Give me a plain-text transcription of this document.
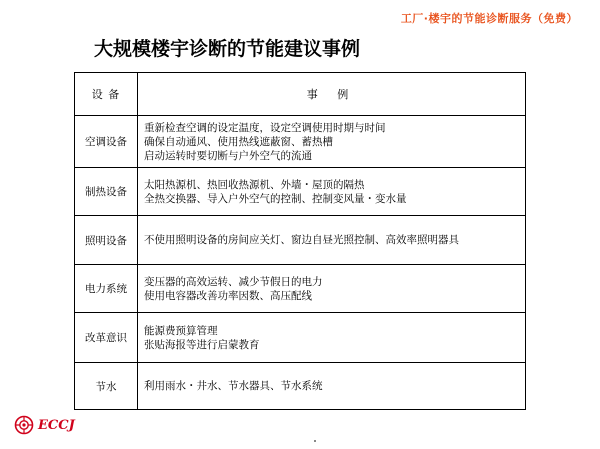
工厂·楼宇的节能诊断服务（免费）
大规模楼宇诊断的节能建议事例
设 备	事 例
空调设备	重新检查空调的设定温度，设定空调使用时期与时间
确保自动通风、使用热线遮蔽窗、蓄热槽
启动运转时要切断与户外空气的流通

制热设备	太阳热源机、热回收热源机、外墙・屋顶的隔热
全热交换器、导入户外空气的控制、控制变风量・变水量

照明设备	不使用照明设备的房间应关灯、窗边自昼光照控制、高效率照明器具

电力系统	变压器的高效运转、减少节假日的电力
使用电容器改善功率因数、高压配线

改革意识	能源费预算管理
张贴海报等进行启蒙教育

节水	利用雨水・井水、节水器具、节水系统
ECCJ
